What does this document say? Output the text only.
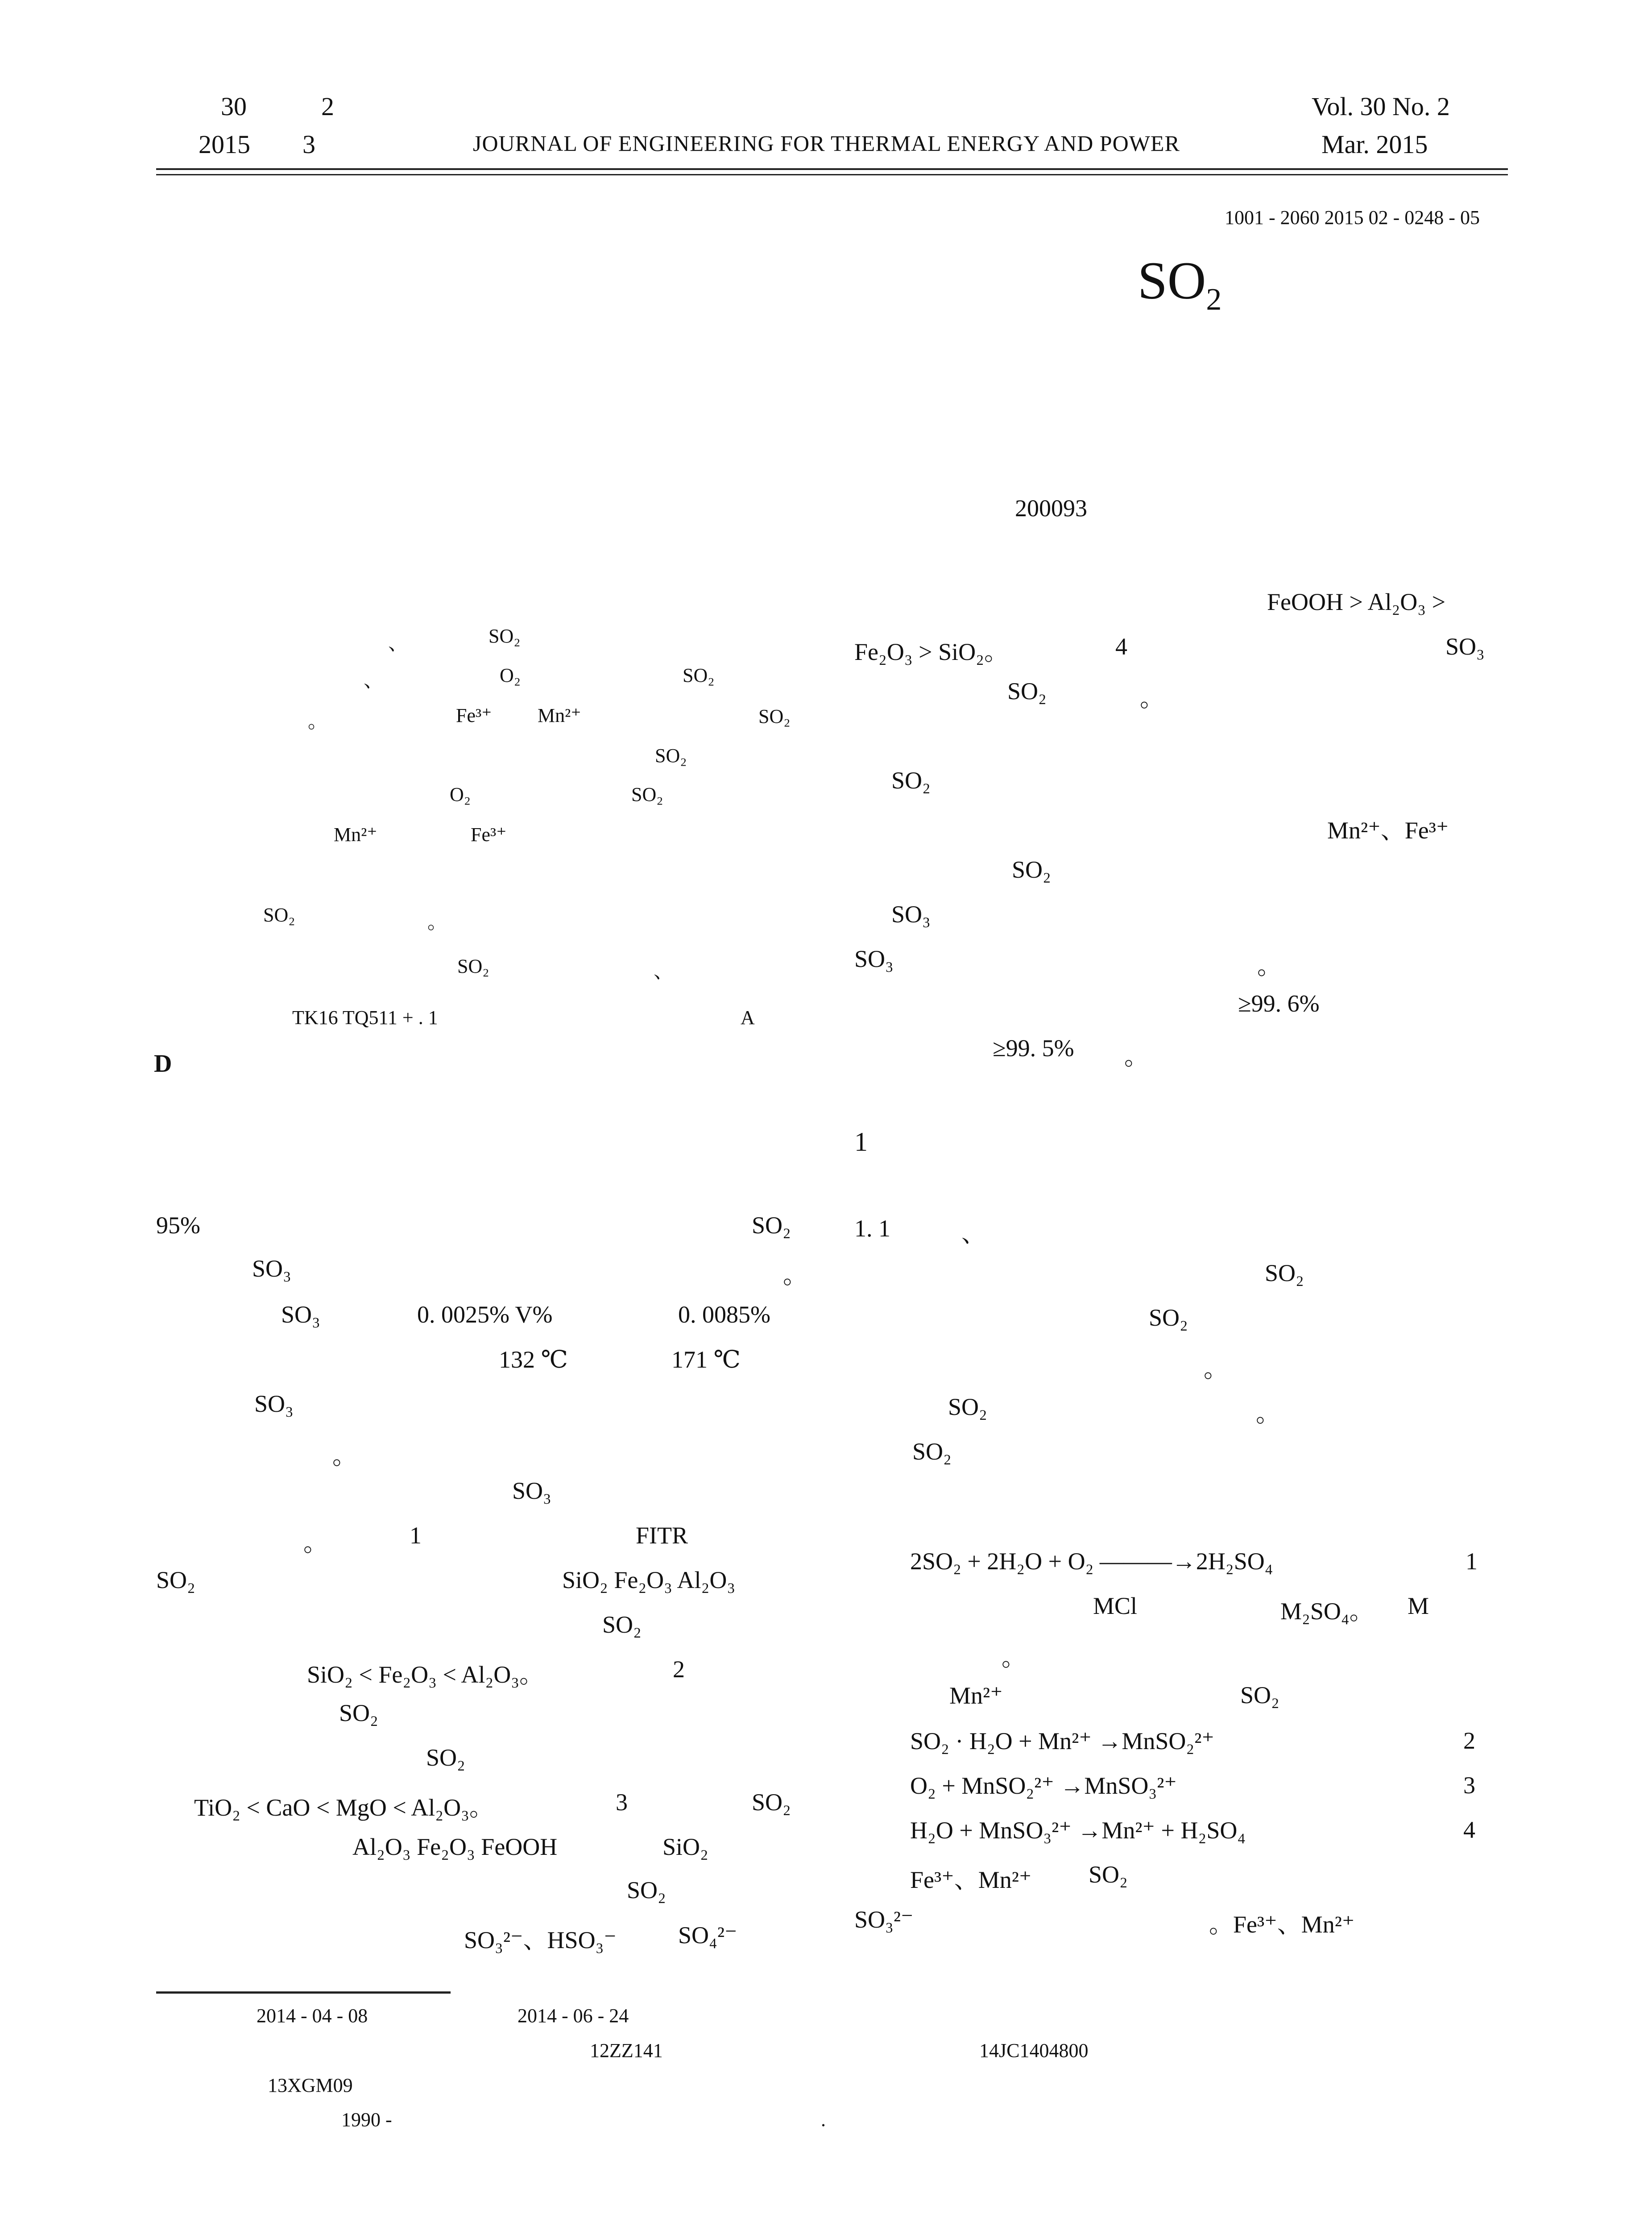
30	2
2015 3	JOURNAL OF ENGINEERING FOR THERMAL ENERGY AND POWER
Vol. 30 No. 2
Mar. 2015
1001 - 2060 2015 02 - 0248 - 05
$SO_2$
200093
、	SO₂
、	O₂	SO₂
。	Fe³⁺ Mn²⁺	SO₂
SO₂
O₂	SO₂
Mn²⁺	Fe³⁺
SO₂	。
SO₂	、
TK16 TQ511 + . 1	A
D
95%	SO₂
SO₃	。
SO₃	0. 0025% V%	0. 0085%
132 ℃	171 ℃
SO₃
。
SO₃
。	1	FITR
SO₂	SiO₂ Fe₂O₃ Al₂O₃
SO₂
SiO₂ < Fe₂O₃ < Al₂O₃。	2
SO₂
SO₂
TiO₂ < CaO < MgO < Al₂O₃。	3	SO₂
Al₂O₃ Fe₂O₃ FeOOH	SiO₂
SO₂
SO₃²⁻、HSO₃⁻	SO₄²⁻
2014 - 04 - 08	2014 - 06 - 24
12ZZ141	14JC1404800
13XGM09
1990 -	.
FeOOH > Al₂O₃ >
Fe₂O₃ > SiO₂。	4	SO₃
SO₂	。
SO₂
Mn²⁺、Fe³⁺
SO₂
SO₃
SO₃	。
≥99. 6%
≥99. 5% 。
1
1. 1	、
SO₂
SO₂
。
SO₂	。
SO₂
2SO₂ + 2H₂O + O₂ ———→2H₂SO₄	1
MCl	M₂SO₄。 M
。
Mn²⁺	SO₂
SO₂ · H₂O + Mn²⁺ →MnSO₂²⁺	2
O₂ + MnSO₂²⁺ →MnSO₃²⁺	3
H₂O + MnSO₃²⁺ →Mn²⁺ + H₂SO₄	4
Fe³⁺、Mn²⁺ SO₂
SO₃²⁻	。Fe³⁺、Mn²⁺
